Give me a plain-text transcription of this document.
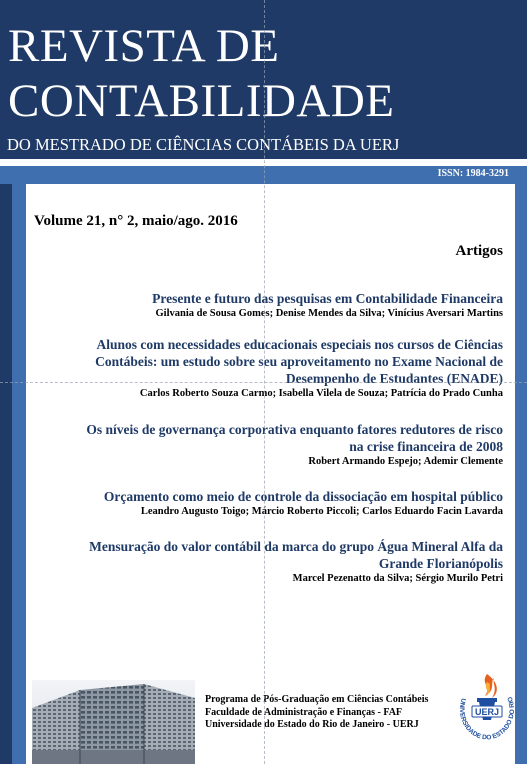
REVISTA DE
CONTABILIDADE
DO MESTRADO DE CIÊNCIAS CONTÁBEIS DA UERJ
ISSN: 1984-3291
Volume 21, n° 2, maio/ago. 2016
Artigos
Presente e futuro das pesquisas em Contabilidade Financeira
Gilvania de Sousa Gomes; Denise Mendes da Silva; Vinícius Aversari Martins
Alunos com necessidades educacionais especiais nos cursos de Ciências Contábeis: um estudo sobre seu aproveitamento no Exame Nacional de Desempenho de Estudantes (ENADE)
Carlos Roberto Souza Carmo; Isabella Vilela de Souza; Patrícia do Prado Cunha
Os níveis de governança corporativa enquanto fatores redutores de risco na crise financeira de 2008
Robert Armando Espejo; Ademir Clemente
Orçamento como meio de controle da dissociação em hospital público
Leandro Augusto Toigo; Márcio Roberto Piccoli; Carlos Eduardo Facin Lavarda
Mensuração do valor contábil da marca do grupo Água Mineral Alfa da Grande Florianópolis
Marcel Pezenatto da Silva; Sérgio Murilo Petri
Programa de Pós-Graduação em Ciências Contábeis
Faculdade de Administração e Finanças - FAF
Universidade do Estado do Rio de Janeiro - UERJ
UNIVERSIDADE DO ESTADO DO RIO
UERJ
